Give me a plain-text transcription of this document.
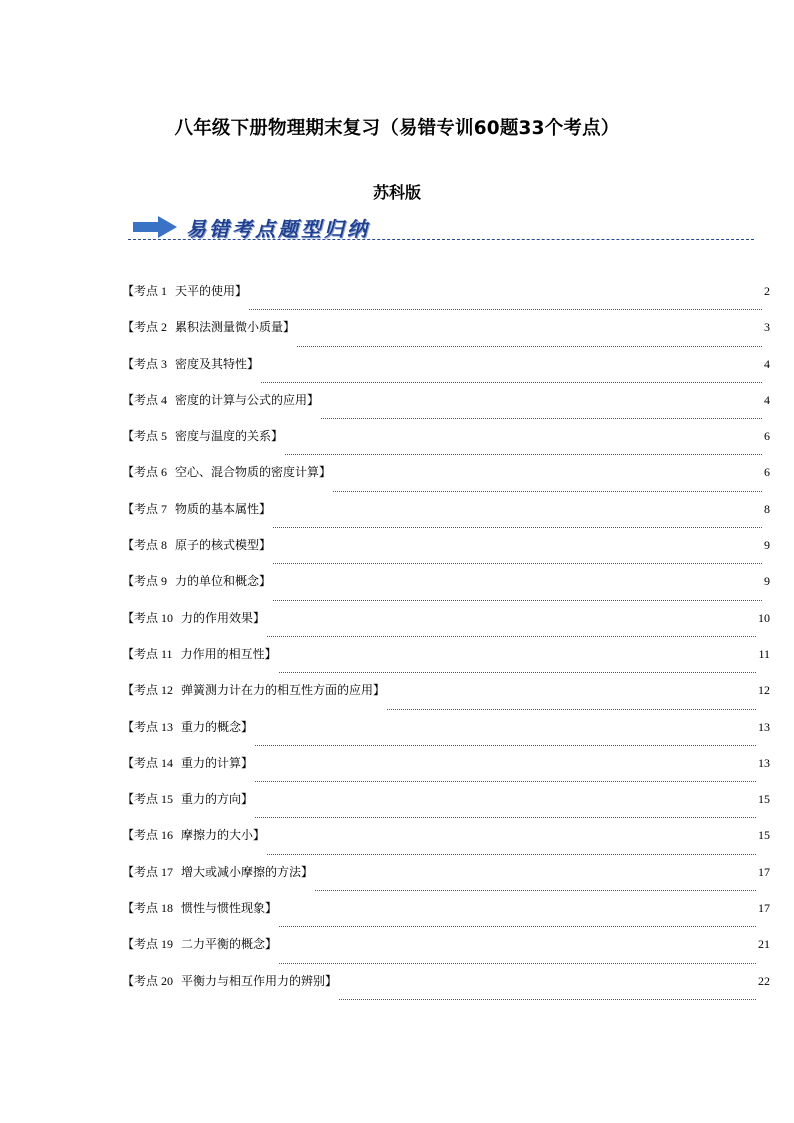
八年级下册物理期末复习（易错专训60题33个考点）
苏科版
易错考点题型归纳
【考点 1 天平的使用】	2
【考点 2 累积法测量微小质量】	3
【考点 3 密度及其特性】	4
【考点 4 密度的计算与公式的应用】	4
【考点 5 密度与温度的关系】	6
【考点 6 空心、混合物质的密度计算】	6
【考点 7 物质的基本属性】	8
【考点 8 原子的核式模型】	9
【考点 9 力的单位和概念】	9
【考点 10 力的作用效果】	10
【考点 11 力作用的相互性】	11
【考点 12 弹簧测力计在力的相互性方面的应用】	12
【考点 13 重力的概念】	13
【考点 14 重力的计算】	13
【考点 15 重力的方向】	15
【考点 16 摩擦力的大小】	15
【考点 17 增大或减小摩擦的方法】	17
【考点 18 惯性与惯性现象】	17
【考点 19 二力平衡的概念】	21
【考点 20 平衡力与相互作用力的辨别】	22
